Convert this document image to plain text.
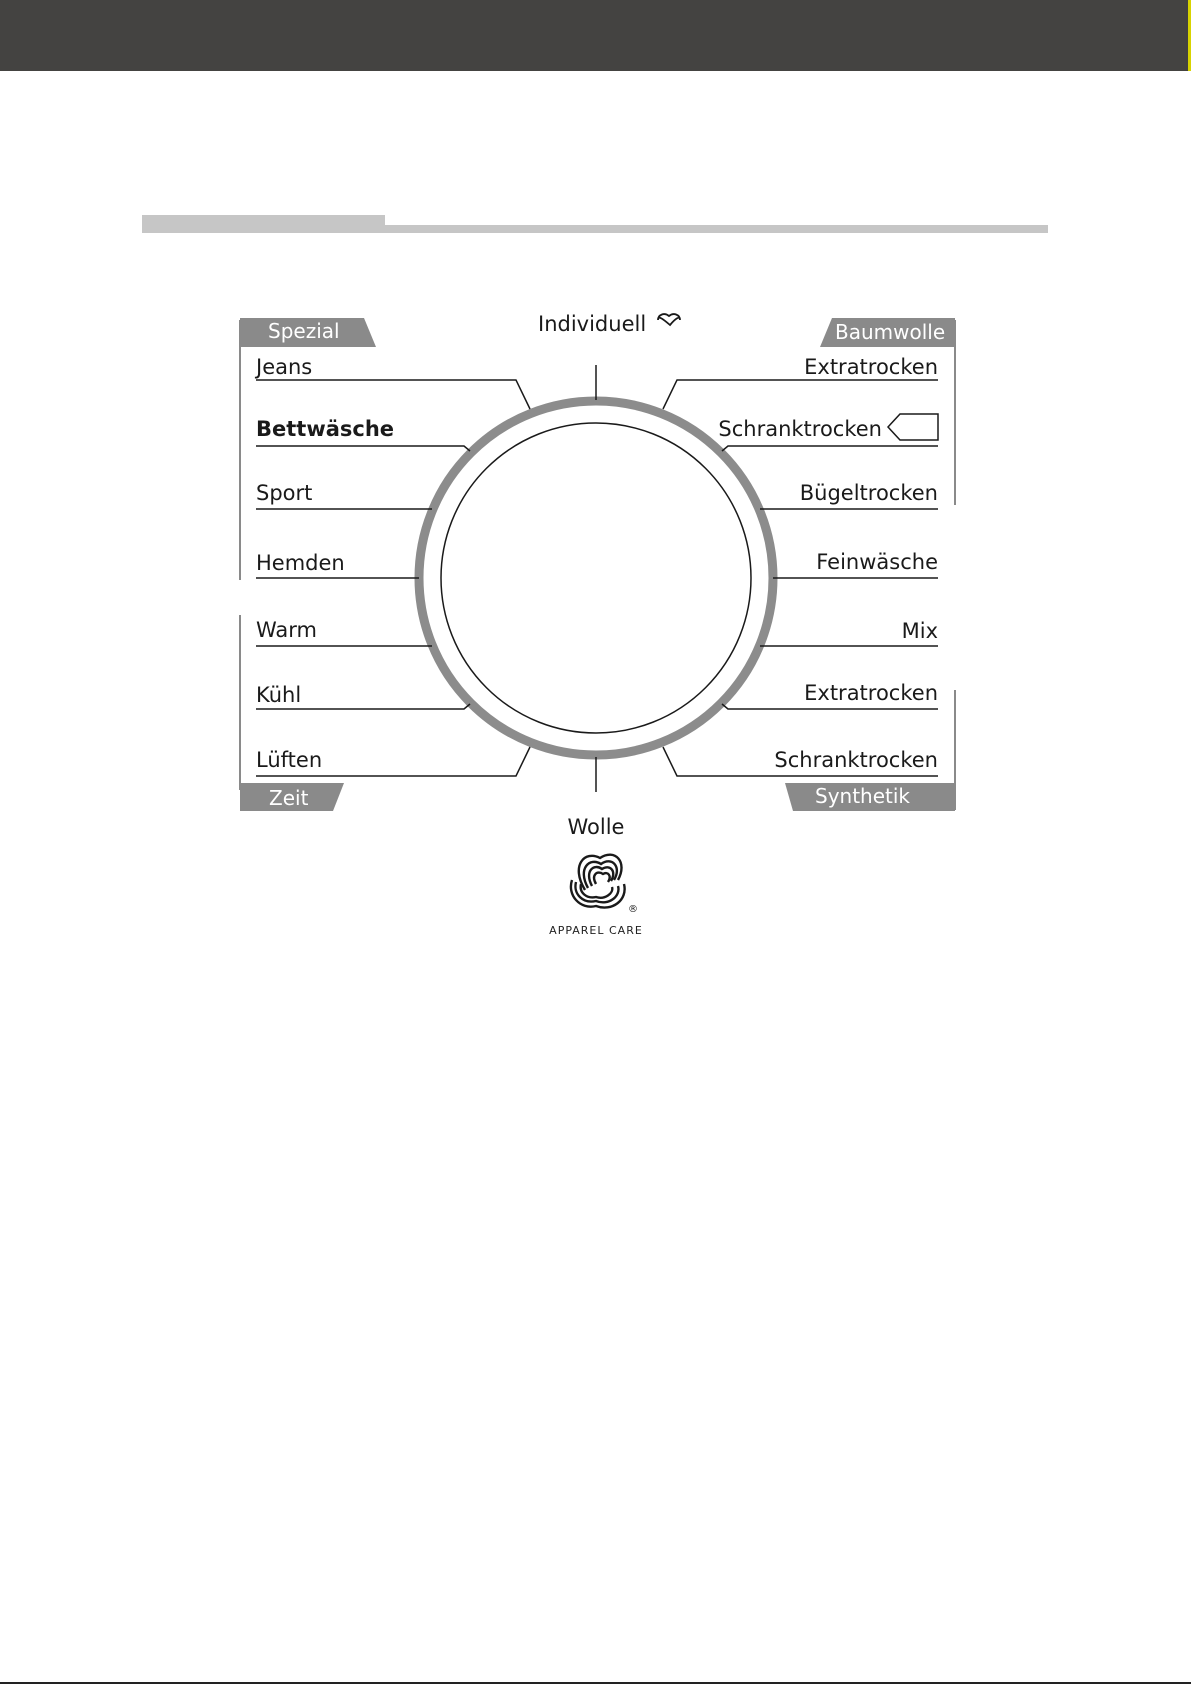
Spezial	Baumwolle
Zeit	Synthetik
Individuell
Wolle
Jeans
Bettwäsche
Sport
Hemden
Warm
Kühl
Lüften
Extratrocken
Schranktrocken
Bügeltrocken
Feinwäsche
Mix
Extratrocken
Schranktrocken
®
APPAREL CARE
